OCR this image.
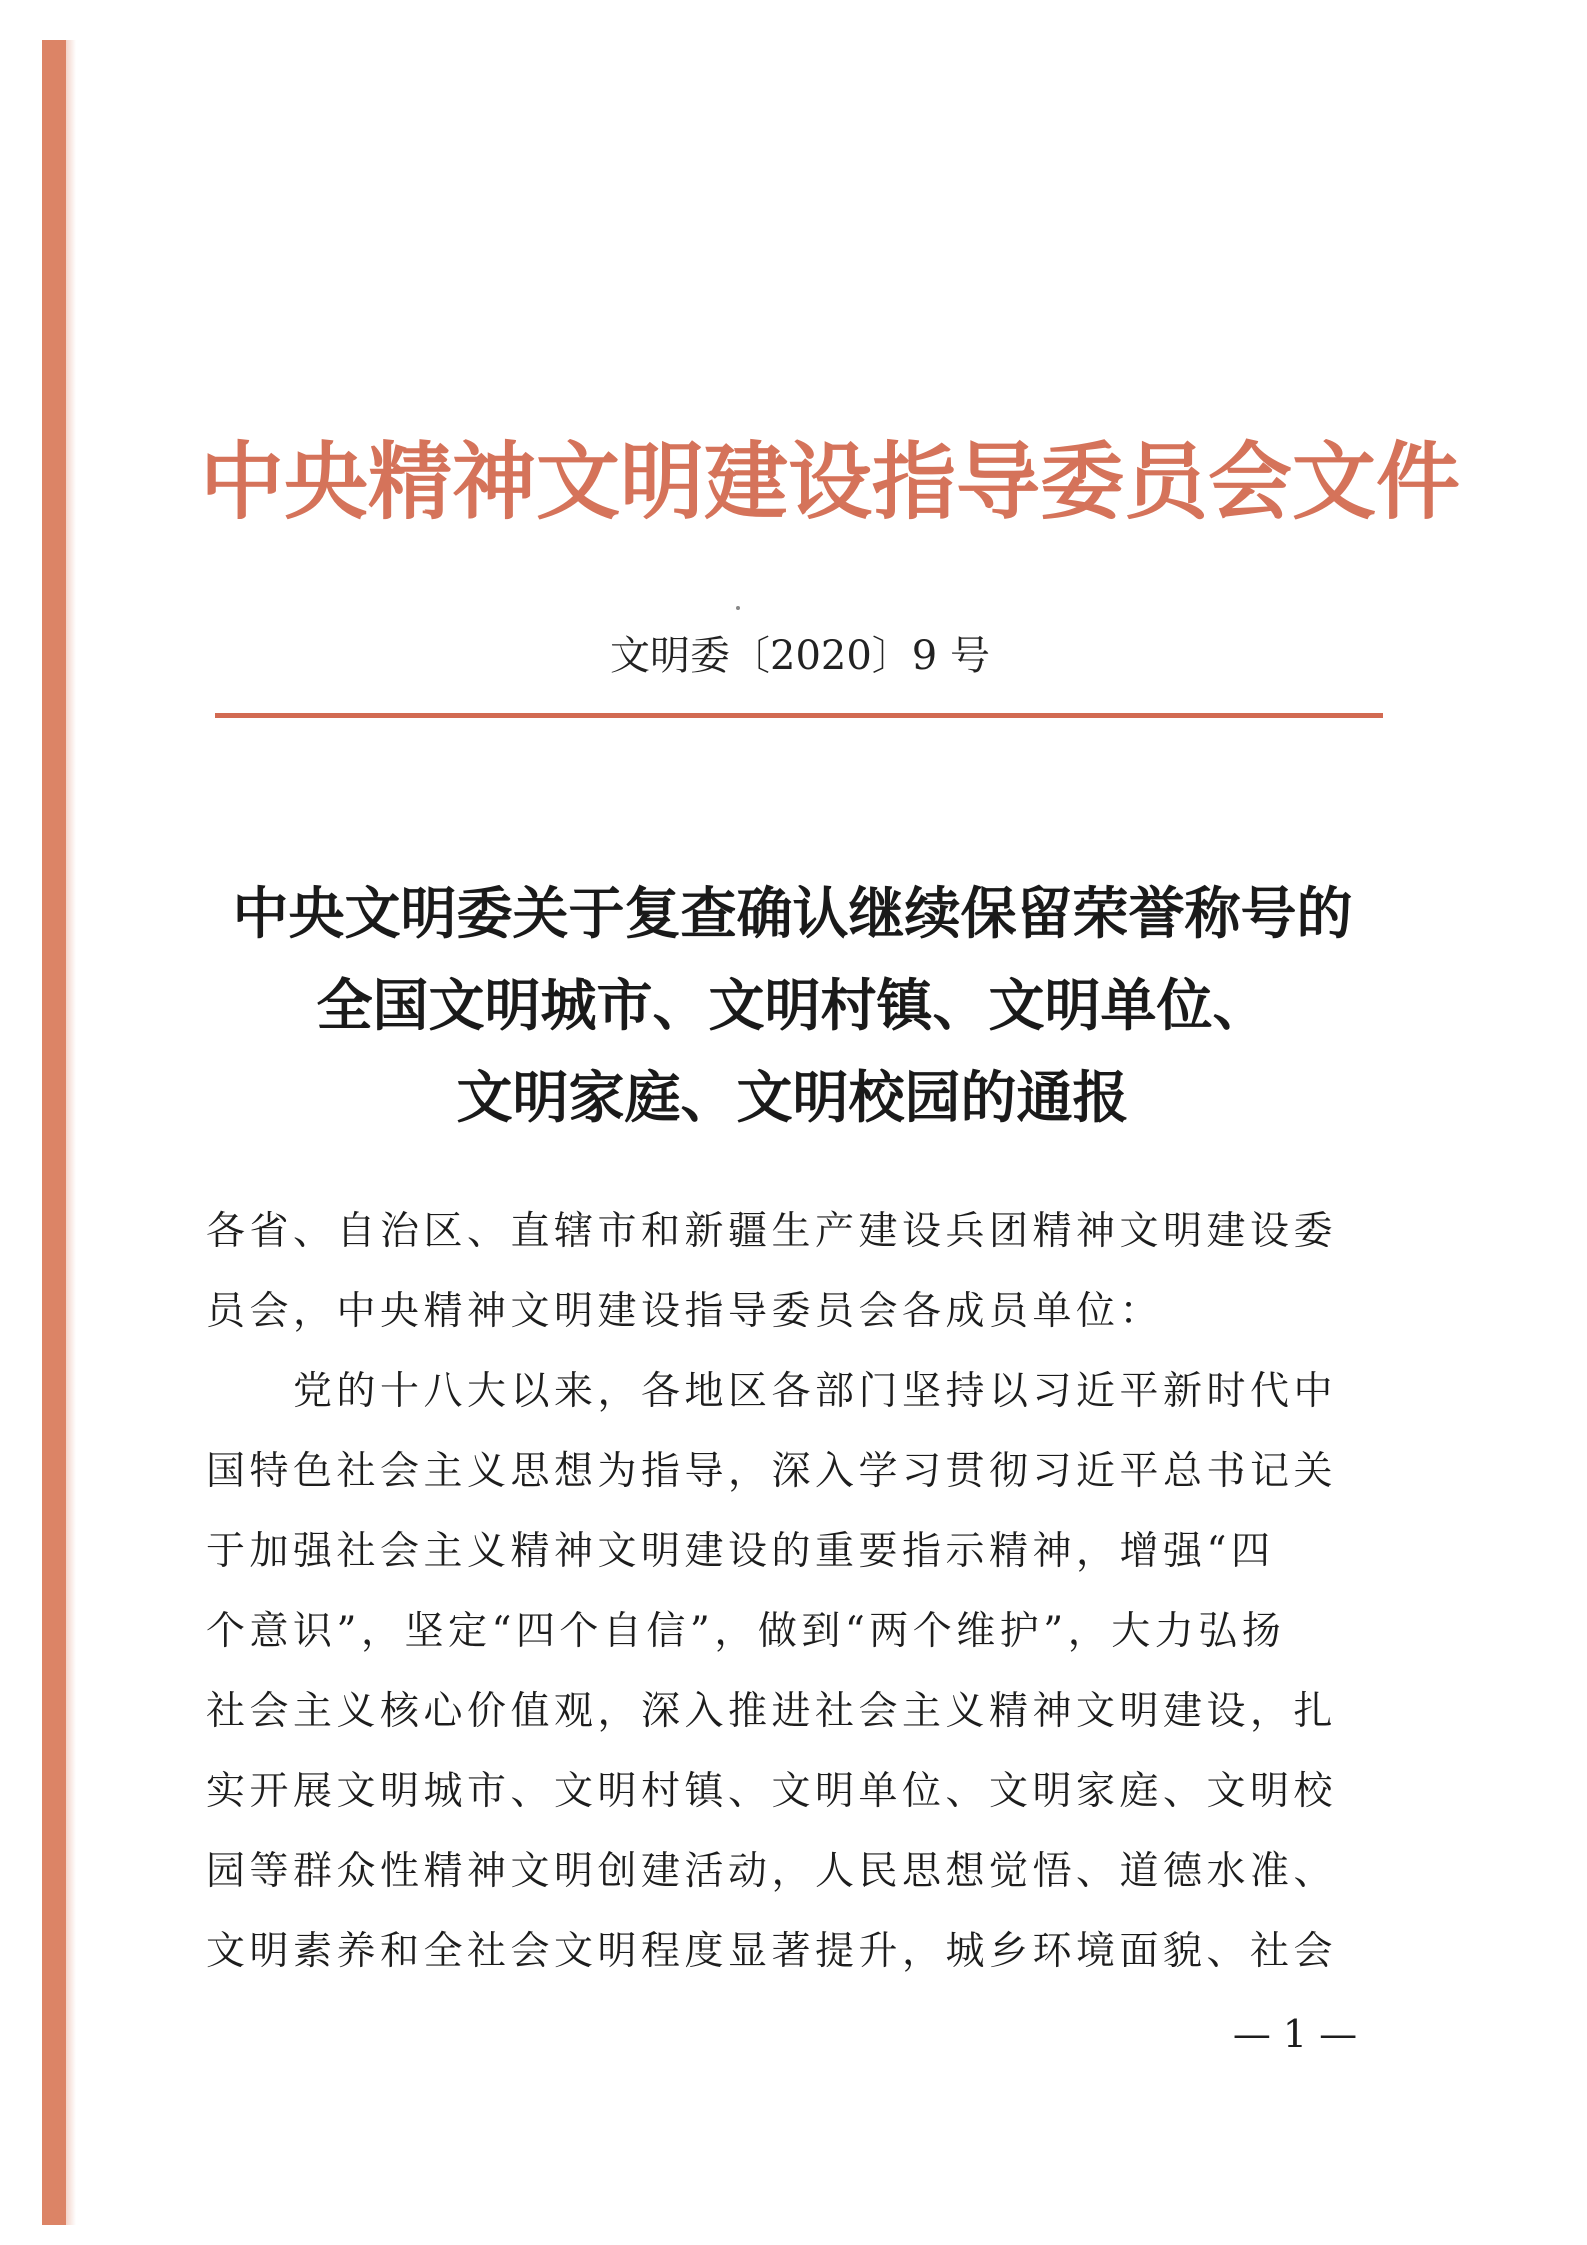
中央精神文明建设指导委员会文件
文明委〔2020〕9 号
中央文明委关于复查确认继续保留荣誉称号的
全国文明城市、文明村镇、文明单位、
文明家庭、文明校园的通报
各省、自治区、直辖市和新疆生产建设兵团精神文明建设委
员会，中央精神文明建设指导委员会各成员单位：
　　党的十八大以来，各地区各部门坚持以习近平新时代中
国特色社会主义思想为指导，深入学习贯彻习近平总书记关
于加强社会主义精神文明建设的重要指示精神，增强“四
个意识”，坚定“四个自信”，做到“两个维护”，大力弘扬
社会主义核心价值观，深入推进社会主义精神文明建设，扎
实开展文明城市、文明村镇、文明单位、文明家庭、文明校
园等群众性精神文明创建活动，人民思想觉悟、道德水准、
文明素养和全社会文明程度显著提升，城乡环境面貌、社会
— 1 —
